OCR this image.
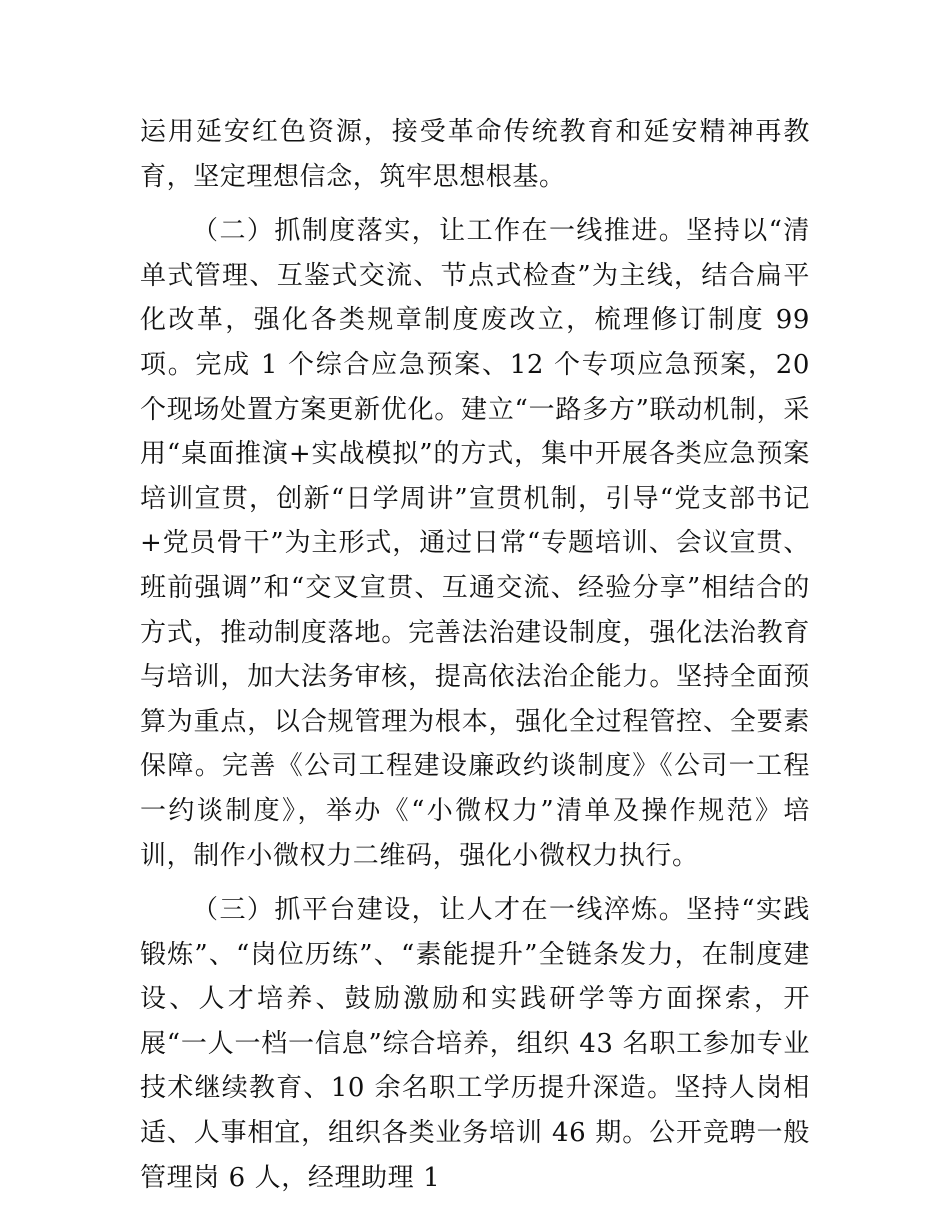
运用延安红色资源，接受革命传统教育和延安精神再教育，坚定理想信念，筑牢思想根基。

（二）抓制度落实，让工作在一线推进。坚持以“清单式管理、互鉴式交流、节点式检查”为主线，结合扁平化改革，强化各类规章制度废改立，梳理修订制度 99 项。完成 1 个综合应急预案、12 个专项应急预案，20 个现场处置方案更新优化。建立“一路多方”联动机制，采用“桌面推演+实战模拟”的方式，集中开展各类应急预案培训宣贯，创新“日学周讲”宣贯机制，引导“党支部书记+党员骨干”为主形式，通过日常“专题培训、会议宣贯、班前强调”和“交叉宣贯、互通交流、经验分享”相结合的方式，推动制度落地。完善法治建设制度，强化法治教育与培训，加大法务审核，提高依法治企能力。坚持全面预算为重点，以合规管理为根本，强化全过程管控、全要素保障。完善《公司工程建设廉政约谈制度》《公司一工程一约谈制度》，举办《“小微权力”清单及操作规范》培训，制作小微权力二维码，强化小微权力执行。

（三）抓平台建设，让人才在一线淬炼。坚持“实践锻炼”、“岗位历练”、“素能提升”全链条发力，在制度建设、人才培养、鼓励激励和实践研学等方面探索，开展“一人一档一信息”综合培养，组织 43 名职工参加专业技术继续教育、10 余名职工学历提升深造。坚持人岗相适、人事相宜，组织各类业务培训 46 期。公开竞聘一般管理岗 6 人，经理助理 1
